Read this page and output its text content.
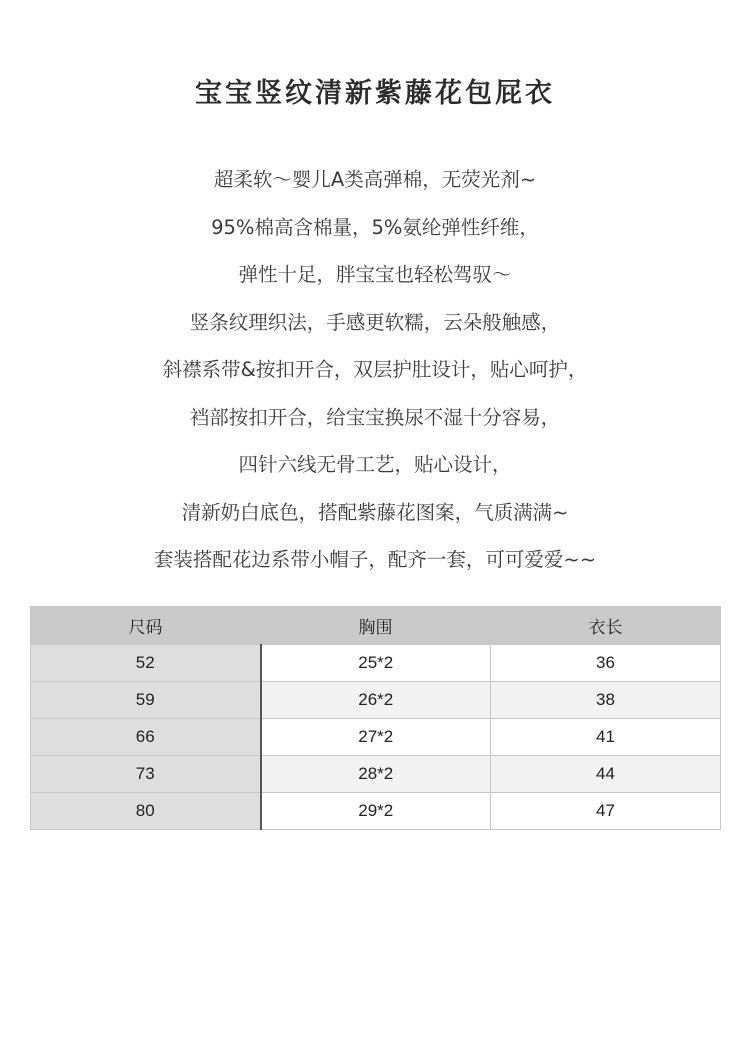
宝宝竖纹清新紫藤花包屁衣
超柔软～婴儿A类高弹棉，无荧光剂~
95%棉高含棉量，5%氨纶弹性纤维，
弹性十足，胖宝宝也轻松驾驭～
竖条纹理织法，手感更软糯，云朵般触感，
斜襟系带&按扣开合，双层护肚设计，贴心呵护，
裆部按扣开合，给宝宝换尿不湿十分容易，
四针六线无骨工艺，贴心设计，
清新奶白底色，搭配紫藤花图案，气质满满~
套装搭配花边系带小帽子，配齐一套，可可爱爱~~
尺码	胸围	衣长
52	25*2	36
59	26*2	38
66	27*2	41
73	28*2	44
80	29*2	47
